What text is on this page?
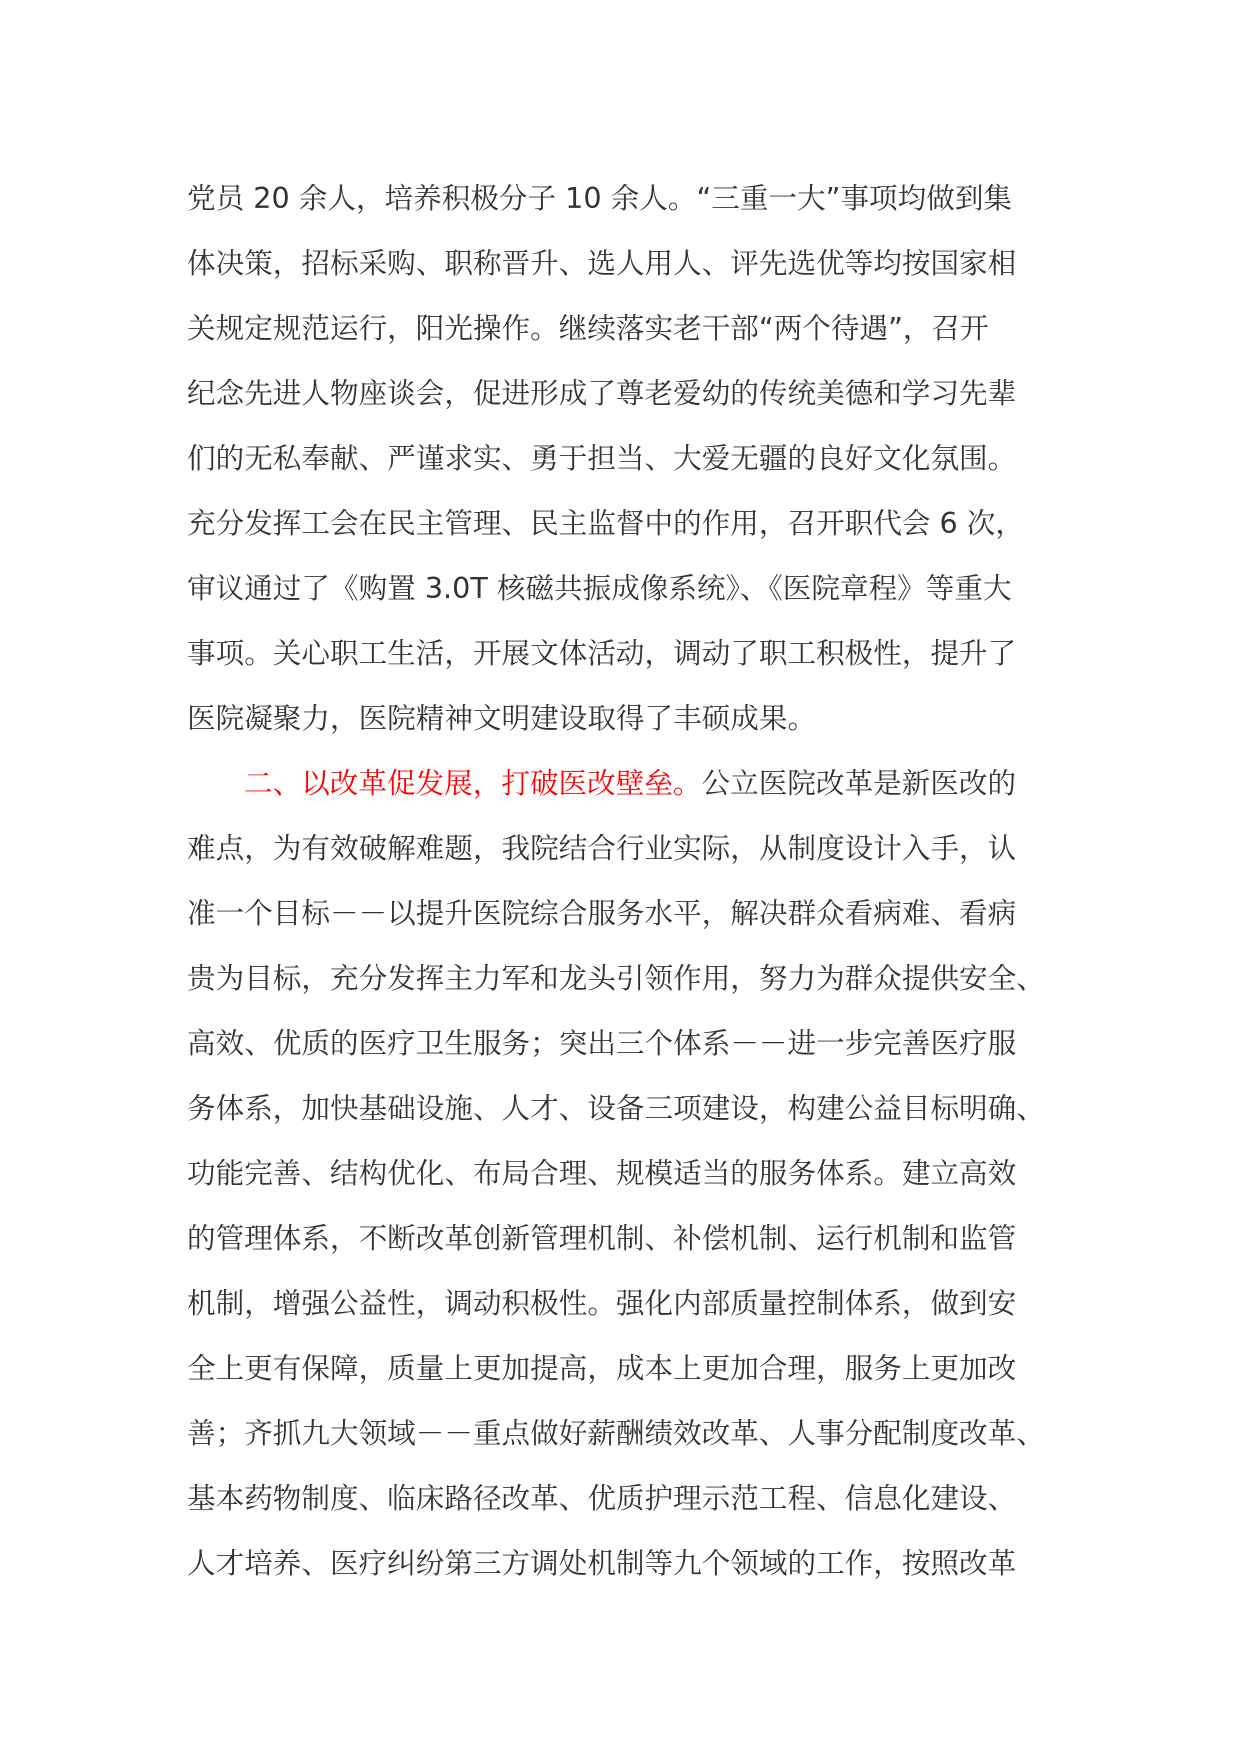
党员 20 余人，培养积极分子 10 余人。“三重一大”事项均做到集
体决策，招标采购、职称晋升、选人用人、评先选优等均按国家相
关规定规范运行，阳光操作。继续落实老干部“两个待遇”，召开
纪念先进人物座谈会，促进形成了尊老爱幼的传统美德和学习先辈
们的无私奉献、严谨求实、勇于担当、大爱无疆的良好文化氛围。
充分发挥工会在民主管理、民主监督中的作用，召开职代会 6 次，
审议通过了《购置 3.0T 核磁共振成像系统》、《医院章程》等重大
事项。关心职工生活，开展文体活动，调动了职工积极性，提升了
医院凝聚力，医院精神文明建设取得了丰硕成果。
二、以改革促发展，打破医改壁垒。公立医院改革是新医改的
难点，为有效破解难题，我院结合行业实际，从制度设计入手，认
准一个目标－－以提升医院综合服务水平，解决群众看病难、看病
贵为目标，充分发挥主力军和龙头引领作用，努力为群众提供安全、
高效、优质的医疗卫生服务；突出三个体系－－进一步完善医疗服
务体系，加快基础设施、人才、设备三项建设，构建公益目标明确、
功能完善、结构优化、布局合理、规模适当的服务体系。建立高效
的管理体系，不断改革创新管理机制、补偿机制、运行机制和监管
机制，增强公益性，调动积极性。强化内部质量控制体系，做到安
全上更有保障，质量上更加提高，成本上更加合理，服务上更加改
善；齐抓九大领域－－重点做好薪酬绩效改革、人事分配制度改革、
基本药物制度、临床路径改革、优质护理示范工程、信息化建设、
人才培养、医疗纠纷第三方调处机制等九个领域的工作，按照改革
